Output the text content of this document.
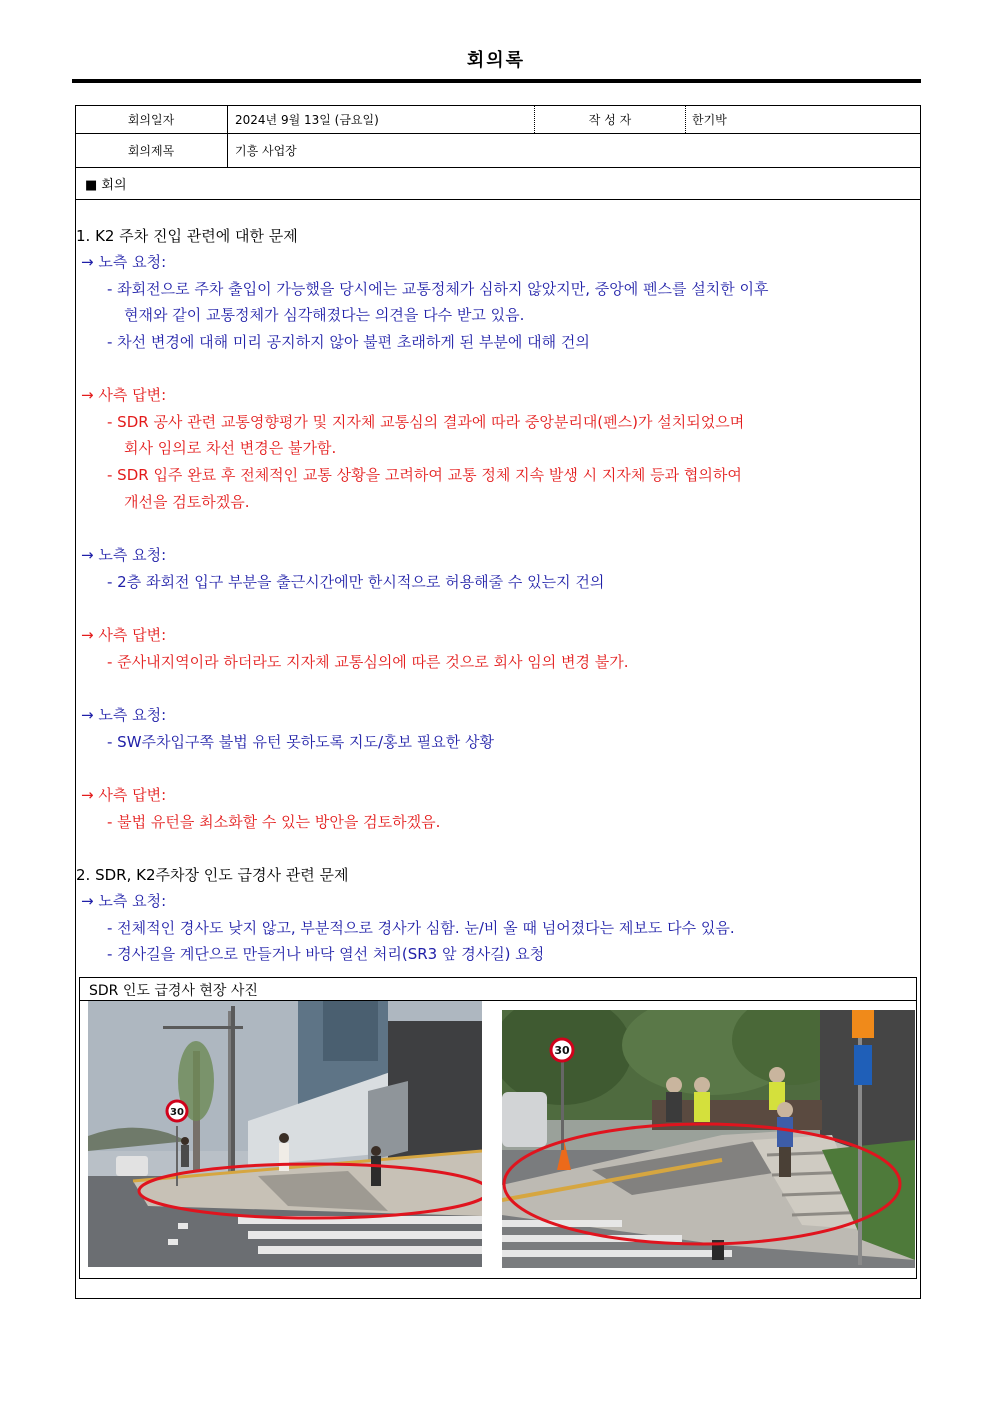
회의록
회의일자	2024년 9월 13일 (금요일)	작 성 자	한기박
회의제목	기흥 사업장
■ 회의
1. K2 주차 진입 관련에 대한 문제
→ 노측 요청:
- 좌회전으로 주차 출입이 가능했을 당시에는 교통정체가 심하지 않았지만, 중앙에 펜스를 설치한 이후
현재와 같이 교통정체가 심각해졌다는 의견을 다수 받고 있음.
- 차선 변경에 대해 미리 공지하지 않아 불편 초래하게 된 부분에 대해 건의
→ 사측 답변:
- SDR 공사 관련 교통영향평가 및 지자체 교통심의 결과에 따라 중앙분리대(펜스)가 설치되었으며
회사 임의로 차선 변경은 불가함.
- SDR 입주 완료 후 전체적인 교통 상황을 고려하여 교통 정체 지속 발생 시 지자체 등과 협의하여
개선을 검토하겠음.
→ 노측 요청:
- 2층 좌회전 입구 부분을 출근시간에만 한시적으로 허용해줄 수 있는지 건의
→ 사측 답변:
- 준사내지역이라 하더라도 지자체 교통심의에 따른 것으로 회사 임의 변경 불가.
→ 노측 요청:
- SW주차입구쪽 불법 유턴 못하도록 지도/홍보 필요한 상황
→ 사측 답변:
- 불법 유턴을 최소화할 수 있는 방안을 검토하겠음.
2. SDR, K2주차장 인도 급경사 관련 문제
→ 노측 요청:
- 전체적인 경사도 낮지 않고, 부분적으로 경사가 심함. 눈/비 올 때 넘어졌다는 제보도 다수 있음.
- 경사길을 계단으로 만들거나 바닥 열선 처리(SR3 앞 경사길) 요청
SDR 인도 급경사 현장 사진
30
30
